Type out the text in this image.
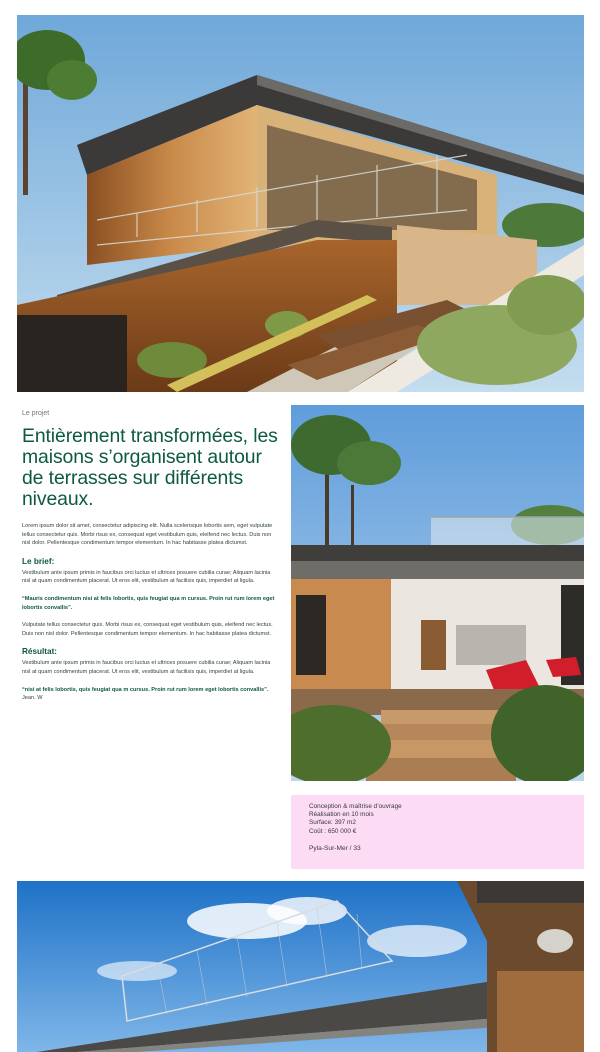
Le projet
Entièrement transformées, les maisons s’organisent autour de terrasses sur différents niveaux.

Lorem ipsum dolor sit amet, consectetur adipiscing elit. Nulla scelerisque lobortis sem, eget vulputate tellus consectetur quis. Morbi risus ex, consequat eget vestibulum quis, eleifend nec lectus. Duis non nisl dolor. Pellentesque condimentum tempor elementum. In hac habitasse platea dictumst.

Le brief:

Vestibulum ante ipsum primis in faucibus orci luctus et ultrices posuere cubilia curae; Aliquam lacinia nisl at quam condimentum placerat. Ut eros elit, vestibulum at facilisis quis, imperdiet at ligula.

“Mauris condimentum nisi at felis lobortis, quis feugiat qua m cursus. Proin rut rum lorem eget lobortis convallis”.

Vulputate tellus consectetur quis. Morbi risus ex, consequat eget vestibulum quis, eleifend nec lectus. Duis non nisl dolor. Pellentesque condimentum tempor elementum. In hac habitasse platea dictumst.

Résultat:

Vestibulum ante ipsum primis in faucibus orci luctus et ultrices posuere cubilia curae; Aliquam lacinia nisl at quam condimentum placerat. Ut eros elit, vestibulum at facilisis quis, imperdiet at ligula.

“nisi at felis lobortis, quis feugiat qua m cursus. Proin rut rum lorem eget lobortis convallis”.

Jean. W
Conception & maîtrise d’ouvrage
Réalisation en 10 mois
Surface: 397 m2
Coût : 650 000 €
Pyla-Sur-Mer / 33
